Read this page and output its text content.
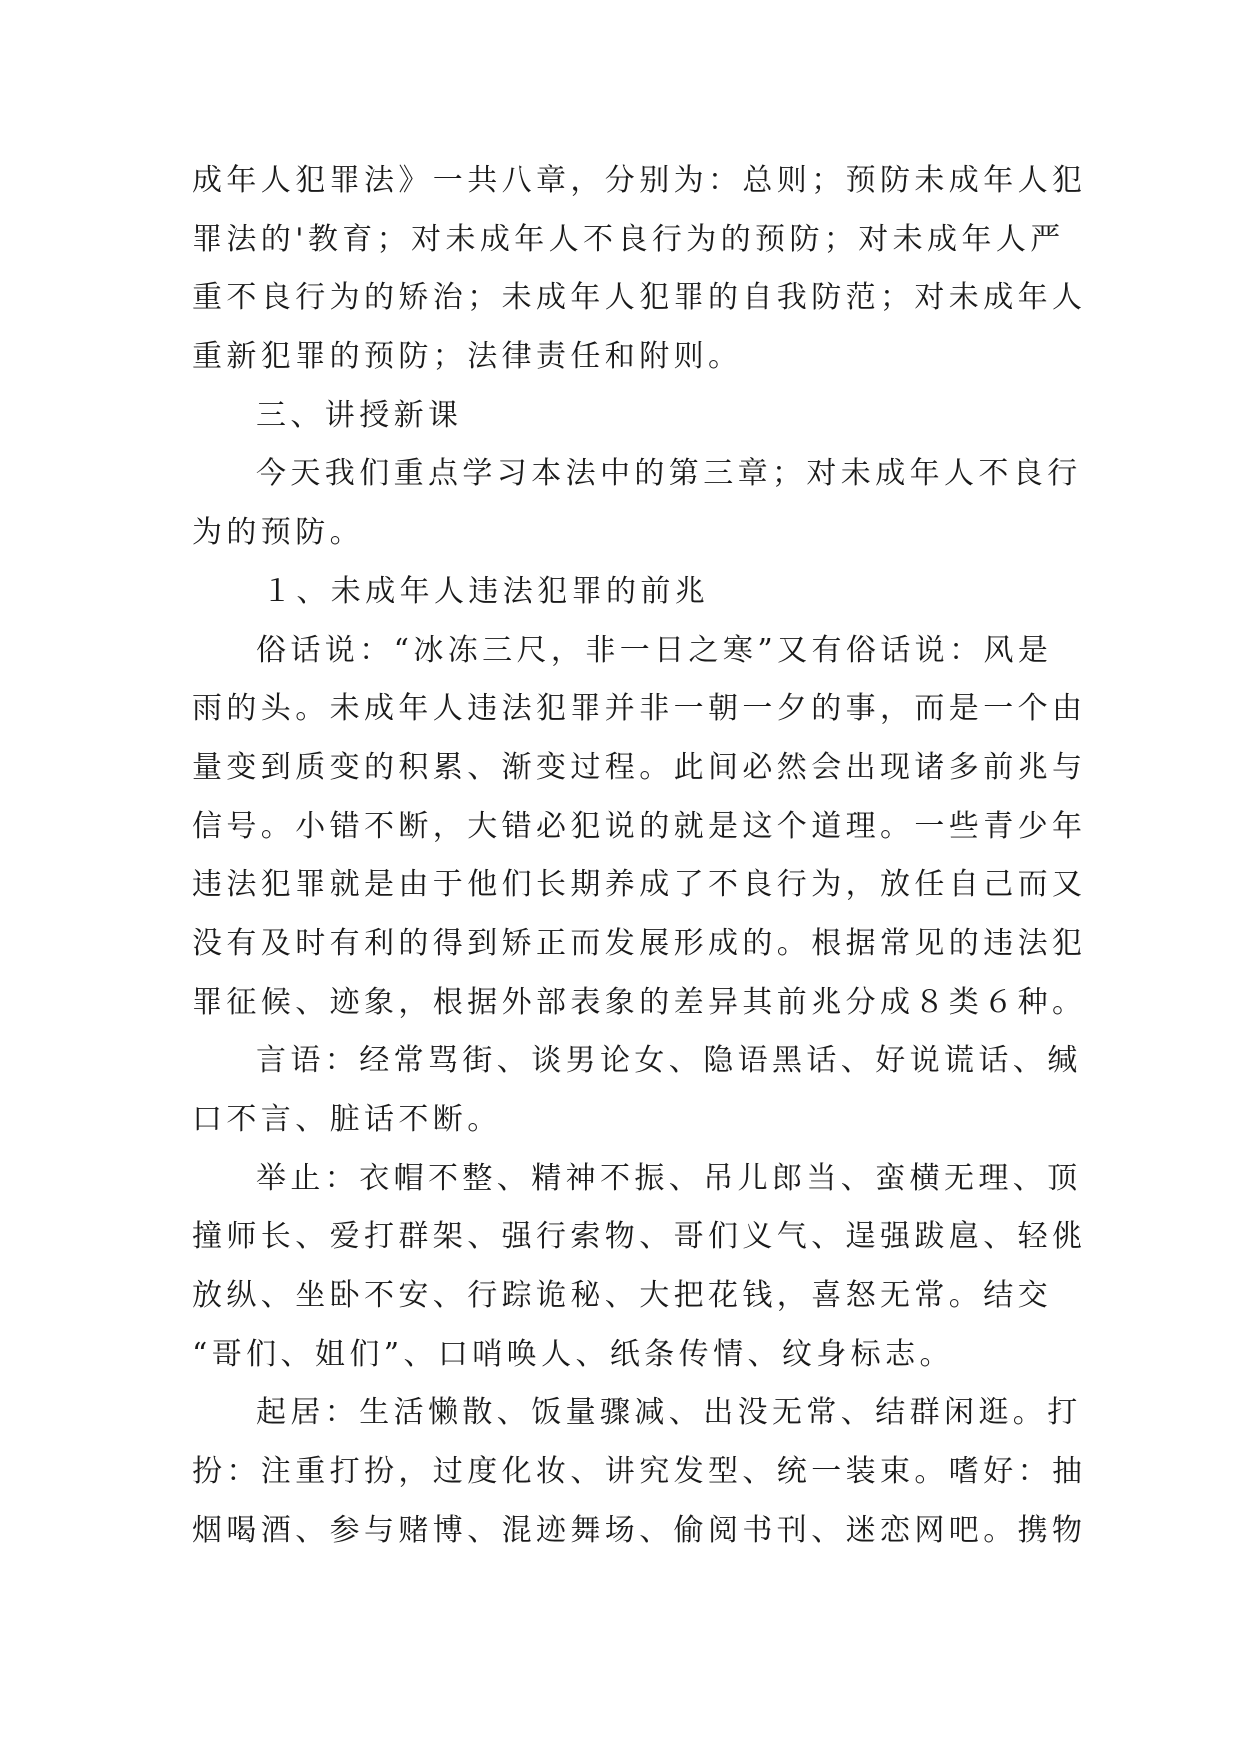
成年人犯罪法》一共八章，分别为：总则；预防未成年人犯
罪法的'教育；对未成年人不良行为的预防；对未成年人严
重不良行为的矫治；未成年人犯罪的自我防范；对未成年人
重新犯罪的预防；法律责任和附则。
三、讲授新课
今天我们重点学习本法中的第三章；对未成年人不良行
为的预防。
１、未成年人违法犯罪的前兆
俗话说：“冰冻三尺，非一日之寒”又有俗话说：风是
雨的头。未成年人违法犯罪并非一朝一夕的事，而是一个由
量变到质变的积累、渐变过程。此间必然会出现诸多前兆与
信号。小错不断，大错必犯说的就是这个道理。一些青少年
违法犯罪就是由于他们长期养成了不良行为，放任自己而又
没有及时有利的得到矫正而发展形成的。根据常见的违法犯
罪征候、迹象，根据外部表象的差异其前兆分成８类６种。
言语：经常骂街、谈男论女、隐语黑话、好说谎话、缄
口不言、脏话不断。
举止：衣帽不整、精神不振、吊儿郎当、蛮横无理、顶
撞师长、爱打群架、强行索物、哥们义气、逞强跋扈、轻佻
放纵、坐卧不安、行踪诡秘、大把花钱，喜怒无常。结交
“哥们、姐们”、口哨唤人、纸条传情、纹身标志。
起居：生活懒散、饭量骤减、出没无常、结群闲逛。打
扮：注重打扮，过度化妆、讲究发型、统一装束。嗜好：抽
烟喝酒、参与赌博、混迹舞场、偷阅书刊、迷恋网吧。携物
